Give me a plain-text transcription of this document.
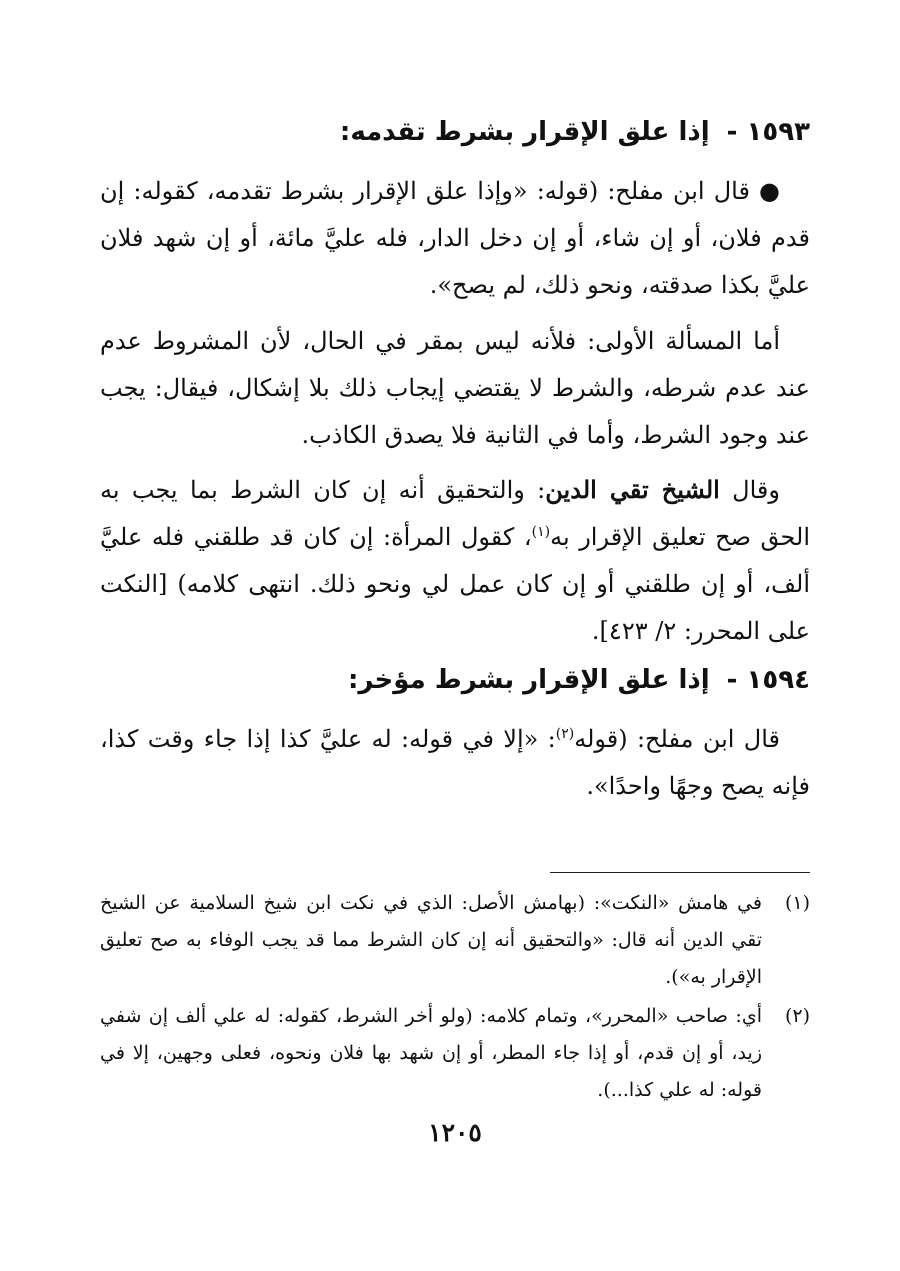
١٥٩٣ - إذا علق الإقرار بشرط تقدمه:

● قال ابن مفلح: (قوله: «وإذا علق الإقرار بشرط تقدمه، كقوله: إن قدم فلان، أو إن شاء، أو إن دخل الدار، فله عليَّ مائة، أو إن شهد فلان عليَّ بكذا صدقته، ونحو ذلك، لم يصح».

أما المسألة الأولى: فلأنه ليس بمقر في الحال، لأن المشروط عدم عند عدم شرطه، والشرط لا يقتضي إيجاب ذلك بلا إشكال، فيقال: يجب عند وجود الشرط، وأما في الثانية فلا يصدق الكاذب.

وقال الشيخ تقي الدين: والتحقيق أنه إن كان الشرط بما يجب به الحق صح تعليق الإقرار به$^{(١)}$، كقول المرأة: إن كان قد طلقني فله عليَّ ألف، أو إن طلقني أو إن كان عمل لي ونحو ذلك. انتهى كلامه) [النكت على المحرر: ٢/ ٤٢٣].

١٥٩٤ - إذا علق الإقرار بشرط مؤخر:

قال ابن مفلح: (قوله$^{(٢)}$: «إلا في قوله: له عليَّ كذا إذا جاء وقت كذا، فإنه يصح وجهًا واحدًا».

(١)
في هامش «النكت»: (بهامش الأصل: الذي في نكت ابن شيخ السلامية عن الشيخ تقي الدين أنه قال: «والتحقيق أنه إن كان الشرط مما قد يجب الوفاء به صح تعليق الإقرار به»).
(٢)
أي: صاحب «المحرر»، وتمام كلامه: (ولو أخر الشرط، كقوله: له علي ألف إن شفي زيد، أو إن قدم، أو إذا جاء المطر، أو إن شهد بها فلان ونحوه، فعلى وجهين، إلا في قوله: له علي كذا...).
١٢٠٥
